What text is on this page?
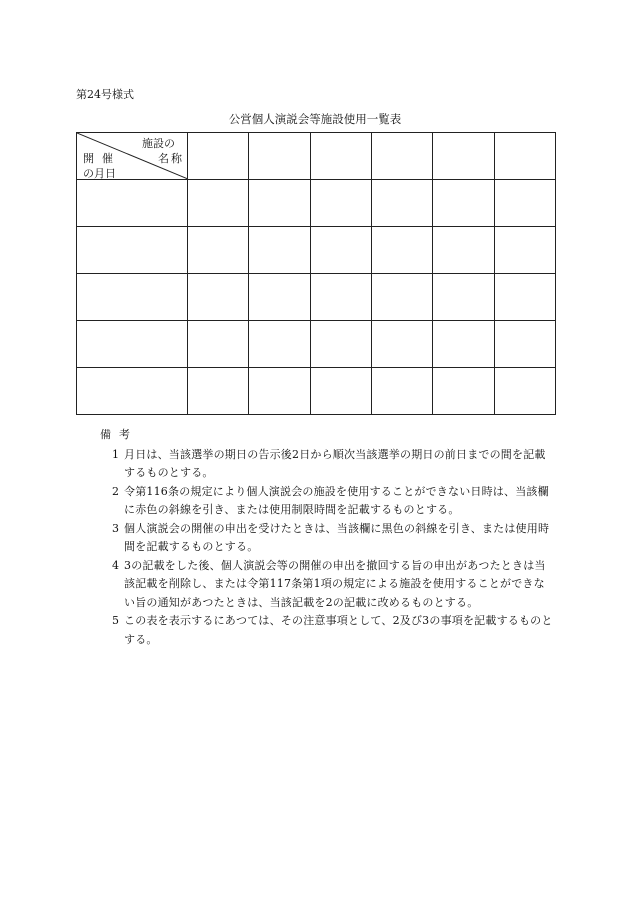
第24号様式
公営個人演説会等施設使用一覧表
施設の
開催 名称
の月日						

備考
1 月日は、当該選挙の期日の告示後2日から順次当該選挙の期日の前日までの間を記載するものとする。
2 令第116条の規定により個人演説会の施設を使用することができない日時は、当該欄に赤色の斜線を引き、または使用制限時間を記載するものとする。
3 個人演説会の開催の申出を受けたときは、当該欄に黒色の斜線を引き、または使用時間を記載するものとする。
4 3の記載をした後、個人演説会等の開催の申出を撤回する旨の申出があつたときは当該記載を削除し、または令第117条第1項の規定による施設を使用することができない旨の通知があつたときは、当該記載を2の記載に改めるものとする。
5 この表を表示するにあつては、その注意事項として、2及び3の事項を記載するものとする。
